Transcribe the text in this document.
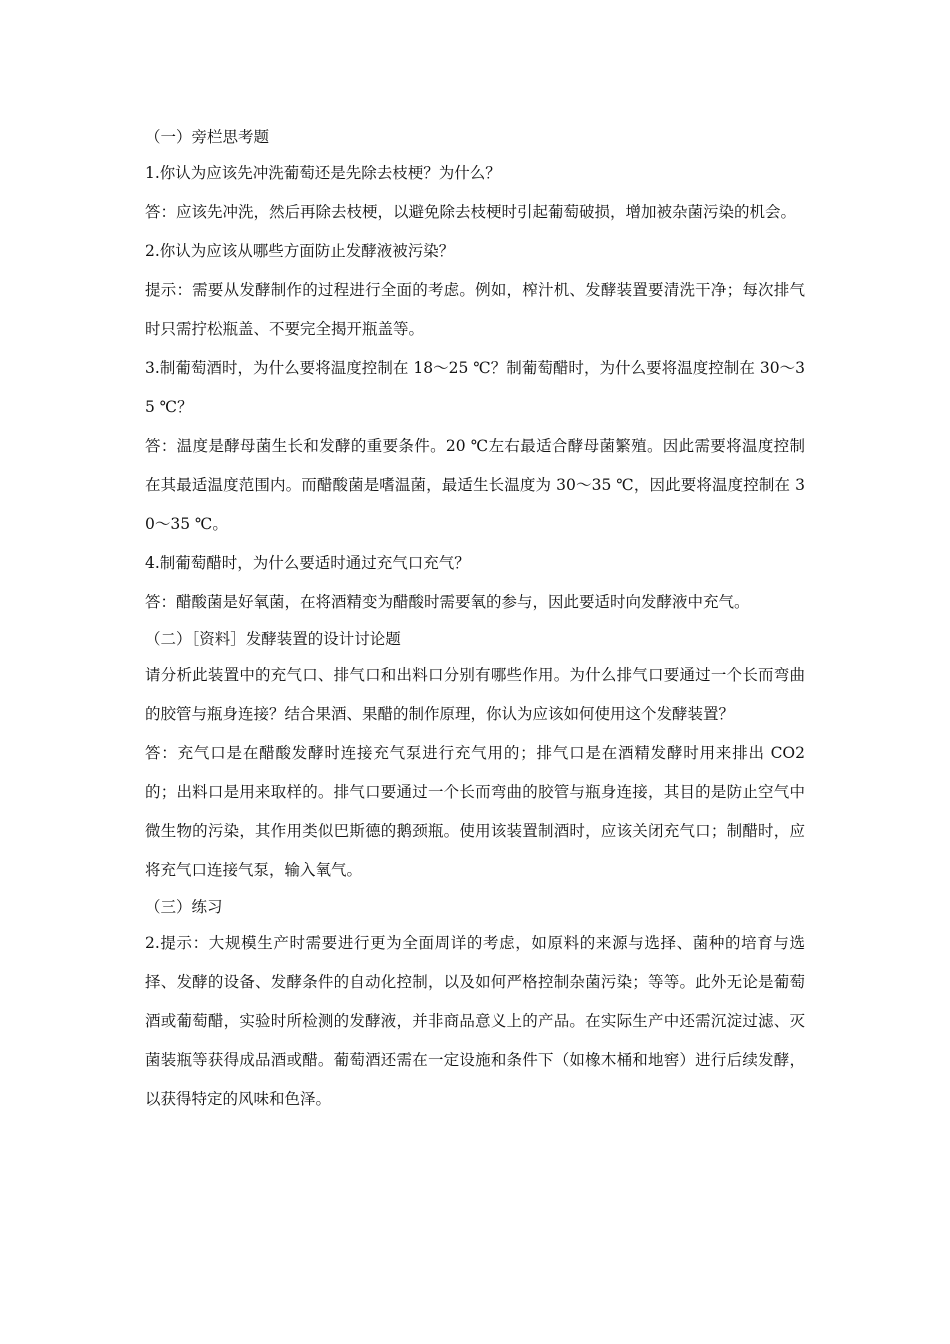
（一）旁栏思考题

1.你认为应该先冲洗葡萄还是先除去枝梗？为什么？

答：应该先冲洗，然后再除去枝梗，以避免除去枝梗时引起葡萄破损，增加被杂菌污染的机会。

2.你认为应该从哪些方面防止发酵液被污染？

提示：需要从发酵制作的过程进行全面的考虑。例如，榨汁机、发酵装置要清洗干净；每次排气时只需拧松瓶盖、不要完全揭开瓶盖等。

3.制葡萄酒时，为什么要将温度控制在 18～25 ℃？制葡萄醋时，为什么要将温度控制在 30～35 ℃？

答：温度是酵母菌生长和发酵的重要条件。20 ℃左右最适合酵母菌繁殖。因此需要将温度控制在其最适温度范围内。而醋酸菌是嗜温菌，最适生长温度为 30～35 ℃，因此要将温度控制在 30～35 ℃。

4.制葡萄醋时，为什么要适时通过充气口充气？

答：醋酸菌是好氧菌，在将酒精变为醋酸时需要氧的参与，因此要适时向发酵液中充气。

（二）［资料］发酵装置的设计讨论题

请分析此装置中的充气口、排气口和出料口分别有哪些作用。为什么排气口要通过一个长而弯曲的胶管与瓶身连接？结合果酒、果醋的制作原理，你认为应该如何使用这个发酵装置？

答：充气口是在醋酸发酵时连接充气泵进行充气用的；排气口是在酒精发酵时用来排出 CO2 的；出料口是用来取样的。排气口要通过一个长而弯曲的胶管与瓶身连接，其目的是防止空气中微生物的污染，其作用类似巴斯德的鹅颈瓶。使用该装置制酒时，应该关闭充气口；制醋时，应将充气口连接气泵，输入氧气。

（三）练习

2.提示：大规模生产时需要进行更为全面周详的考虑，如原料的来源与选择、菌种的培育与选择、发酵的设备、发酵条件的自动化控制，以及如何严格控制杂菌污染；等等。此外无论是葡萄酒或葡萄醋，实验时所检测的发酵液，并非商品意义上的产品。在实际生产中还需沉淀过滤、灭菌装瓶等获得成品酒或醋。葡萄酒还需在一定设施和条件下（如橡木桶和地窖）进行后续发酵，以获得特定的风味和色泽。
